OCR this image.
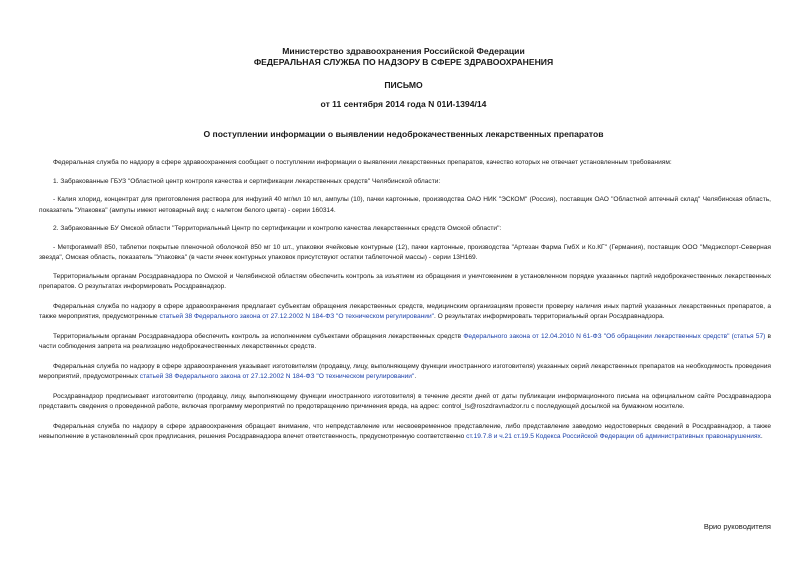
Министерство здравоохранения Российской Федерации
ФЕДЕРАЛЬНАЯ СЛУЖБА ПО НАДЗОРУ В СФЕРЕ ЗДРАВООХРАНЕНИЯ
ПИСЬМО
от 11 сентября 2014 года N 01И-1394/14
О поступлении информации о выявлении недоброкачественных лекарственных препаратов

Федеральная служба по надзору в сфере здравоохранения сообщает о поступлении информации о выявлении лекарственных препаратов, качество которых не отвечает установленным требованиям:

1. Забракованные ГБУЗ "Областной центр контроля качества и сертификации лекарственных средств" Челябинской области:

- Калия хлорид, концентрат для приготовления раствора для инфузий 40 мг/мл 10 мл, ампулы (10), пачки картонные, производства ОАО НИК "ЭСКОМ" (Россия), поставщик ОАО "Областной аптечный склад" Челябинская область, показатель "Упаковка" (ампулы имеют нетоварный вид: с налетом белого цвета) - серии 160314.

2. Забракованные БУ Омской области "Территориальный Центр по сертификации и контролю качества лекарственных средств Омской области":

- Метфогамма® 850, таблетки покрытые пленочной оболочкой 850 мг 10 шт., упаковки ячейковые контурные (12), пачки картонные, производства "Артезан Фарма ГмбХ и Ко.КГ" (Германия), поставщик ООО "Медэкспорт-Северная звезда", Омская область, показатель "Упаковка" (в части ячеек контурных упаковок присутствуют остатки таблеточной массы) - серии 13H169.

Территориальным органам Росздравнадзора по Омской и Челябинской областям обеспечить контроль за изъятием из обращения и уничтожением в установленном порядке указанных партий недоброкачественных лекарственных препаратов. О результатах информировать Росздравнадзор.

Федеральная служба по надзору в сфере здравоохранения предлагает субъектам обращения лекарственных средств, медицинским организациям провести проверку наличия иных партий указанных лекарственных препаратов, а также мероприятия, предусмотренные статьей 38 Федерального закона от 27.12.2002 N 184-ФЗ "О техническом регулировании". О результатах информировать территориальный орган Росздравнадзора.

Территориальным органам Росздравнадзора обеспечить контроль за исполнением субъектами обращения лекарственных средств Федерального закона от 12.04.2010 N 61-ФЗ "Об обращении лекарственных средств" (статья 57) в части соблюдения запрета на реализацию недоброкачественных лекарственных средств.

Федеральная служба по надзору в сфере здравоохранения указывает изготовителям (продавцу, лицу, выполняющему функции иностранного изготовителя) указанных серий лекарственных препаратов на необходимость проведения мероприятий, предусмотренных статьей 38 Федерального закона от 27.12.2002 N 184-ФЗ "О техническом регулировании".

Росздравнадзор предписывает изготовителю (продавцу, лицу, выполняющему функции иностранного изготовителя) в течение десяти дней от даты публикации информационного письма на официальном сайте Росздравнадзора представить сведения о проведенной работе, включая программу мероприятий по предотвращению причинения вреда, на адрес: control_ls@roszdravnadzor.ru с последующей досылкой на бумажном носителе.

Федеральная служба по надзору в сфере здравоохранения обращает внимание, что непредставление или несвоевременное представление, либо представление заведомо недостоверных сведений в Росздравнадзор, а также невыполнение в установленный срок предписания, решения Росздравнадзора влечет ответственность, предусмотренную соответственно ст.19.7.8 и ч.21 ст.19.5 Кодекса Российской Федерации об административных правонарушениях.

Врио руководителя
